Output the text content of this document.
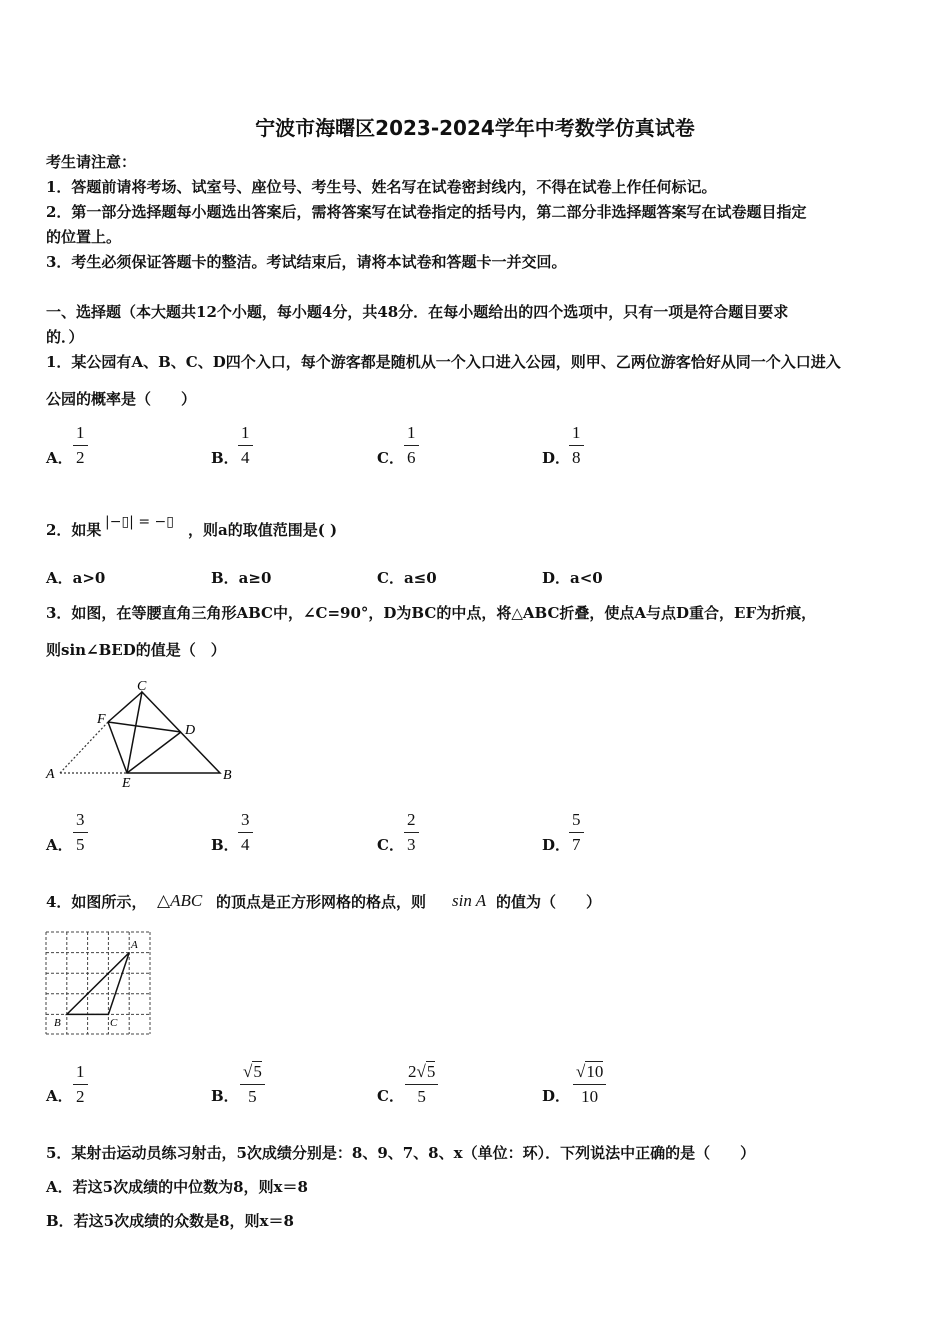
宁波市海曙区2023-2024学年中考数学仿真试卷
考生请注意：
1．答题前请将考场、试室号、座位号、考生号、姓名写在试卷密封线内，不得在试卷上作任何标记。
2．第一部分选择题每小题选出答案后，需将答案写在试卷指定的括号内，第二部分非选择题答案写在试卷题目指定
的位置上。
3．考生必须保证答题卡的整洁。考试结束后，请将本试卷和答题卡一并交回。
一、选择题（本大题共12个小题，每小题4分，共48分．在每小题给出的四个选项中，只有一项是符合题目要求
的．）
1．某公园有A、B、C、D四个入口，每个游客都是随机从一个入口进入公园，则甲、乙两位游客恰好从同一个入口进入
公园的概率是（　　）
A．
1
2	B．
1
4	C．
1
6	D．
1
8
2．如果 |−▯| = −▯ ，则a的取值范围是( )
A．a>0	B．a≥0	C．a≤0	D．a<0
3．如图，在等腰直角三角形ABC中，∠C=90°，D为BC的中点，将△ABC折叠，使点A与点D重合，EF为折痕，
则sin∠BED的值是（　）
A	B
C
D
E
F
A．
3
5	B．
3
4	C．
2
3	D．
5
7
4．如图所示， △ABC 的顶点是正方形网格的格点，则 sin A 的值为（　　）
A
B	C
A．
1
2	B．
√5
5	C．
2√5
5	D．
√10
10
5．某射击运动员练习射击，5次成绩分别是：8、9、7、8、x（单位：环）．下列说法中正确的是（　　）
A．若这5次成绩的中位数为8，则x＝8
B．若这5次成绩的众数是8，则x＝8
